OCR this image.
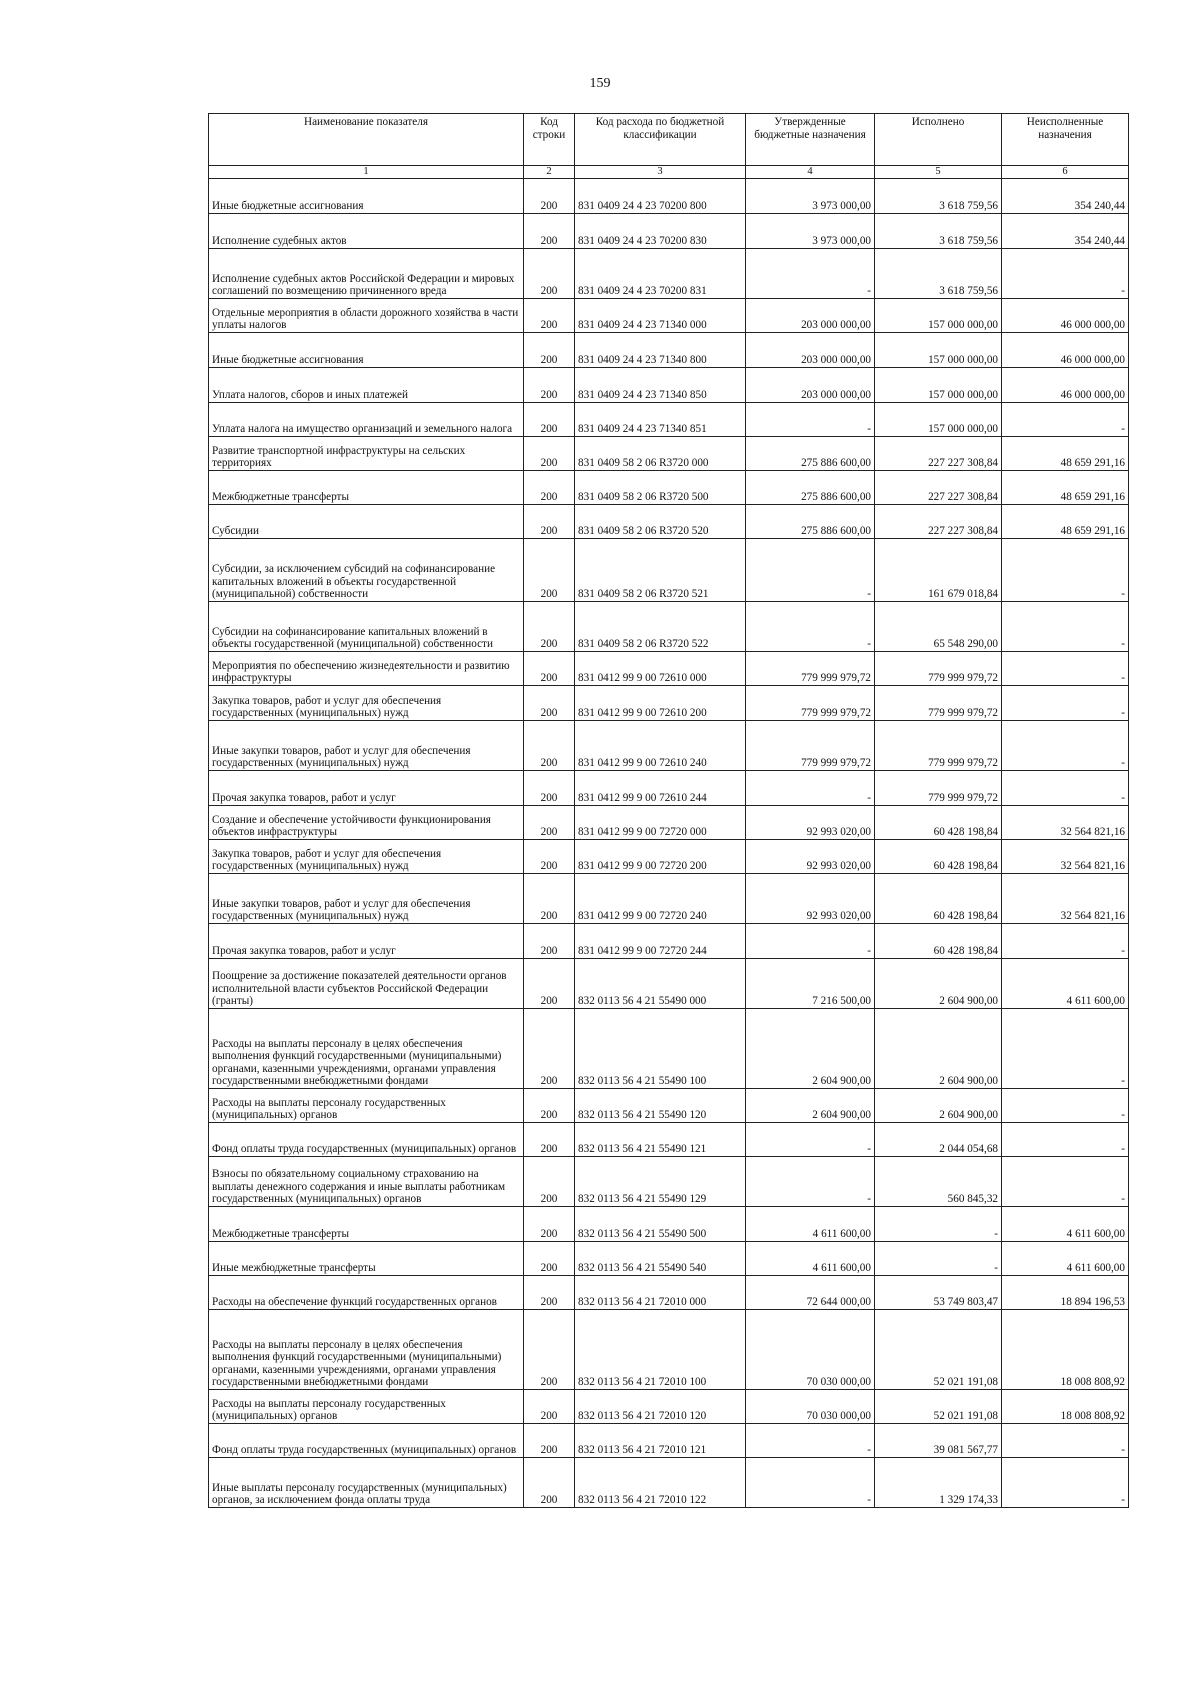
159
Наименование показателя	Код строки	Код расхода по бюджетной классификации	Утвержденные бюджетные назначения	Исполнено	Неисполненные назначения
1	2	3	4	5	6
Иные бюджетные ассигнования	200	831 0409 24 4 23 70200 800	3 973 000,00	3 618 759,56	354 240,44
Исполнение судебных актов	200	831 0409 24 4 23 70200 830	3 973 000,00	3 618 759,56	354 240,44
Исполнение судебных актов Российской Федерации и мировых соглашений по возмещению причиненного вреда	200	831 0409 24 4 23 70200 831	-	3 618 759,56	-
Отдельные мероприятия в области дорожного хозяйства в части уплаты налогов	200	831 0409 24 4 23 71340 000	203 000 000,00	157 000 000,00	46 000 000,00
Иные бюджетные ассигнования	200	831 0409 24 4 23 71340 800	203 000 000,00	157 000 000,00	46 000 000,00
Уплата налогов, сборов и иных платежей	200	831 0409 24 4 23 71340 850	203 000 000,00	157 000 000,00	46 000 000,00
Уплата налога на имущество организаций и земельного налога	200	831 0409 24 4 23 71340 851	-	157 000 000,00	-
Развитие транспортной инфраструктуры на сельских территориях	200	831 0409 58 2 06 R3720 000	275 886 600,00	227 227 308,84	48 659 291,16
Межбюджетные трансферты	200	831 0409 58 2 06 R3720 500	275 886 600,00	227 227 308,84	48 659 291,16
Субсидии	200	831 0409 58 2 06 R3720 520	275 886 600,00	227 227 308,84	48 659 291,16
Субсидии, за исключением субсидий на софинансирование капитальных вложений в объекты государственной (муниципальной) собственности	200	831 0409 58 2 06 R3720 521	-	161 679 018,84	-
Субсидии на софинансирование капитальных вложений в объекты государственной (муниципальной) собственности	200	831 0409 58 2 06 R3720 522	-	65 548 290,00	-
Мероприятия по обеспечению жизнедеятельности и развитию инфраструктуры	200	831 0412 99 9 00 72610 000	779 999 979,72	779 999 979,72	-
Закупка товаров, работ и услуг для обеспечения государственных (муниципальных) нужд	200	831 0412 99 9 00 72610 200	779 999 979,72	779 999 979,72	-
Иные закупки товаров, работ и услуг для обеспечения государственных (муниципальных) нужд	200	831 0412 99 9 00 72610 240	779 999 979,72	779 999 979,72	-
Прочая закупка товаров, работ и услуг	200	831 0412 99 9 00 72610 244	-	779 999 979,72	-
Создание и обеспечение устойчивости функционирования объектов инфраструктуры	200	831 0412 99 9 00 72720 000	92 993 020,00	60 428 198,84	32 564 821,16
Закупка товаров, работ и услуг для обеспечения государственных (муниципальных) нужд	200	831 0412 99 9 00 72720 200	92 993 020,00	60 428 198,84	32 564 821,16
Иные закупки товаров, работ и услуг для обеспечения государственных (муниципальных) нужд	200	831 0412 99 9 00 72720 240	92 993 020,00	60 428 198,84	32 564 821,16
Прочая закупка товаров, работ и услуг	200	831 0412 99 9 00 72720 244	-	60 428 198,84	-
Поощрение за достижение показателей деятельности органов исполнительной власти субъектов Российской Федерации (гранты)	200	832 0113 56 4 21 55490 000	7 216 500,00	2 604 900,00	4 611 600,00
Расходы на выплаты персоналу в целях обеспечения выполнения функций государственными (муниципальными) органами, казенными учреждениями, органами управления государственными внебюджетными фондами	200	832 0113 56 4 21 55490 100	2 604 900,00	2 604 900,00	-
Расходы на выплаты персоналу государственных (муниципальных) органов	200	832 0113 56 4 21 55490 120	2 604 900,00	2 604 900,00	-
Фонд оплаты труда государственных (муниципальных) органов	200	832 0113 56 4 21 55490 121	-	2 044 054,68	-
Взносы по обязательному социальному страхованию на выплаты денежного содержания и иные выплаты работникам государственных (муниципальных) органов	200	832 0113 56 4 21 55490 129	-	560 845,32	-
Межбюджетные трансферты	200	832 0113 56 4 21 55490 500	4 611 600,00	-	4 611 600,00
Иные межбюджетные трансферты	200	832 0113 56 4 21 55490 540	4 611 600,00	-	4 611 600,00
Расходы на обеспечение функций государственных органов	200	832 0113 56 4 21 72010 000	72 644 000,00	53 749 803,47	18 894 196,53
Расходы на выплаты персоналу в целях обеспечения выполнения функций государственными (муниципальными) органами, казенными учреждениями, органами управления государственными внебюджетными фондами	200	832 0113 56 4 21 72010 100	70 030 000,00	52 021 191,08	18 008 808,92
Расходы на выплаты персоналу государственных (муниципальных) органов	200	832 0113 56 4 21 72010 120	70 030 000,00	52 021 191,08	18 008 808,92
Фонд оплаты труда государственных (муниципальных) органов	200	832 0113 56 4 21 72010 121	-	39 081 567,77	-
Иные выплаты персоналу государственных (муниципальных) органов, за исключением фонда оплаты труда	200	832 0113 56 4 21 72010 122	-	1 329 174,33	-
